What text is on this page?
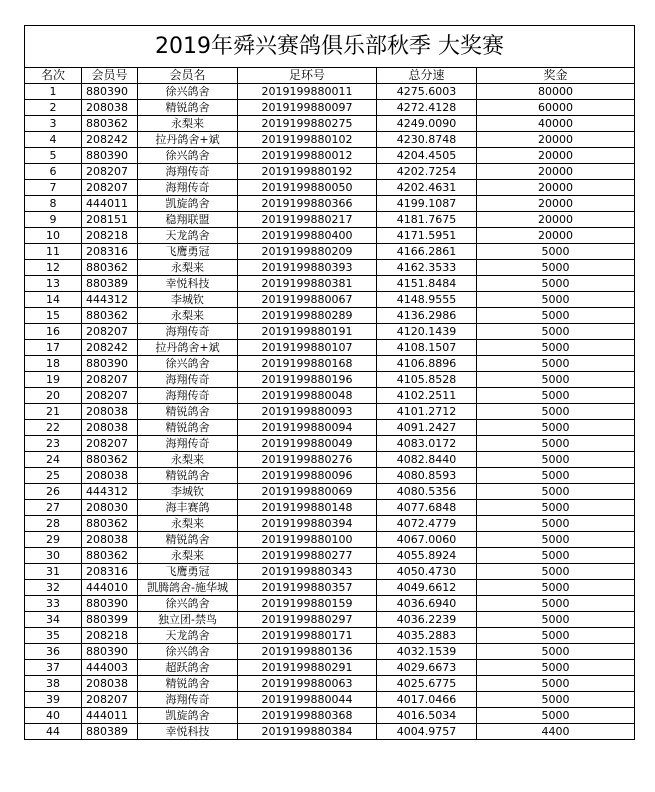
2019年舜兴赛鸽俱乐部秋季 大奖赛					
名次	会员号	会员名	足环号	总分速	奖金
1	880390	徐兴鸽舍	2019199880011	4275.6003	80000
2	208038	精锐鸽舍	2019199880097	4272.4128	60000
3	880362	永梨来	2019199880275	4249.0090	40000
4	208242	拉丹鸽舍+斌	2019199880102	4230.8748	20000
5	880390	徐兴鸽舍	2019199880012	4204.4505	20000
6	208207	海翔传奇	2019199880192	4202.7254	20000
7	208207	海翔传奇	2019199880050	4202.4631	20000
8	444011	凯旋鸽舍	2019199880366	4199.1087	20000
9	208151	稳翔联盟	2019199880217	4181.7675	20000
10	208218	天龙鸽舍	2019199880400	4171.5951	20000
11	208316	飞鹰勇冠	2019199880209	4166.2861	5000
12	880362	永梨来	2019199880393	4162.3533	5000
13	880389	幸悦科技	2019199880381	4151.8484	5000
14	444312	李城钦	2019199880067	4148.9555	5000
15	880362	永梨来	2019199880289	4136.2986	5000
16	208207	海翔传奇	2019199880191	4120.1439	5000
17	208242	拉丹鸽舍+斌	2019199880107	4108.1507	5000
18	880390	徐兴鸽舍	2019199880168	4106.8896	5000
19	208207	海翔传奇	2019199880196	4105.8528	5000
20	208207	海翔传奇	2019199880048	4102.2511	5000
21	208038	精锐鸽舍	2019199880093	4101.2712	5000
22	208038	精锐鸽舍	2019199880094	4091.2427	5000
23	208207	海翔传奇	2019199880049	4083.0172	5000
24	880362	永梨来	2019199880276	4082.8440	5000
25	208038	精锐鸽舍	2019199880096	4080.8593	5000
26	444312	李城钦	2019199880069	4080.5356	5000
27	208030	海丰赛鸽	2019199880148	4077.6848	5000
28	880362	永梨来	2019199880394	4072.4779	5000
29	208038	精锐鸽舍	2019199880100	4067.0060	5000
30	880362	永梨来	2019199880277	4055.8924	5000
31	208316	飞鹰勇冠	2019199880343	4050.4730	5000
32	444010	凯腾鸽舍-施华城	2019199880357	4049.6612	5000
33	880390	徐兴鸽舍	2019199880159	4036.6940	5000
34	880399	独立团-禁鸟	2019199880297	4036.2239	5000
35	208218	天龙鸽舍	2019199880171	4035.2883	5000
36	880390	徐兴鸽舍	2019199880136	4032.1539	5000
37	444003	超跃鸽舍	2019199880291	4029.6673	5000
38	208038	精锐鸽舍	2019199880063	4025.6775	5000
39	208207	海翔传奇	2019199880044	4017.0466	5000
40	444011	凯旋鸽舍	2019199880368	4016.5034	5000
44	880389	幸悦科技	2019199880384	4004.9757	4400
